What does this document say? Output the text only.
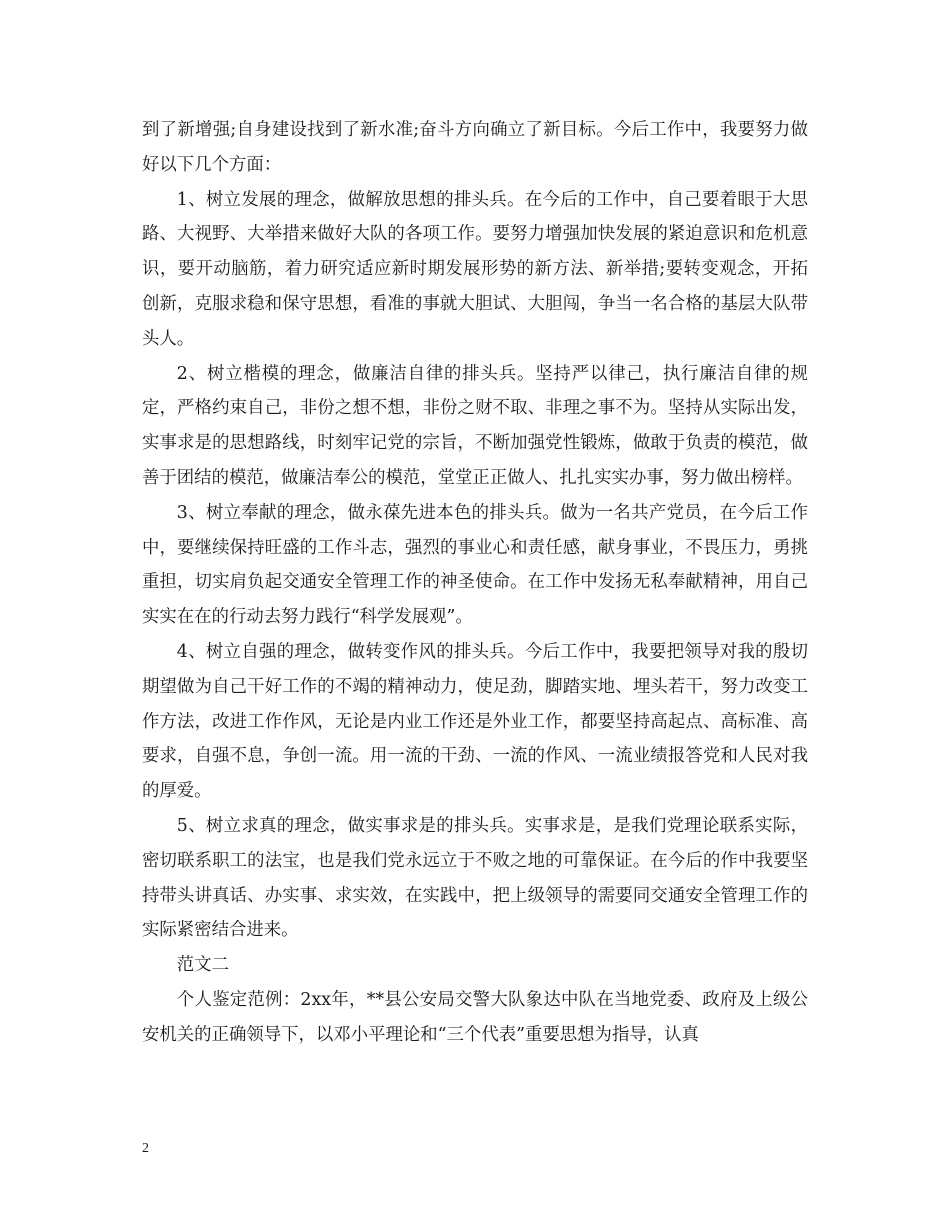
到了新增强;自身建设找到了新水准;奋斗方向确立了新目标。今后工作中，我要努力做好以下几个方面：

1、树立发展的理念，做解放思想的排头兵。在今后的工作中，自己要着眼于大思路、大视野、大举措来做好大队的各项工作。要努力增强加快发展的紧迫意识和危机意识，要开动脑筋，着力研究适应新时期发展形势的新方法、新举措;要转变观念，开拓创新，克服求稳和保守思想，看准的事就大胆试、大胆闯，争当一名合格的基层大队带头人。

2、树立楷模的理念，做廉洁自律的排头兵。坚持严以律己，执行廉洁自律的规定，严格约束自己，非份之想不想，非份之财不取、非理之事不为。坚持从实际出发，实事求是的思想路线，时刻牢记党的宗旨，不断加强党性锻炼，做敢于负责的模范，做善于团结的模范，做廉洁奉公的模范，堂堂正正做人、扎扎实实办事，努力做出榜样。

3、树立奉献的理念，做永葆先进本色的排头兵。做为一名共产党员，在今后工作中，要继续保持旺盛的工作斗志，强烈的事业心和责任感，献身事业，不畏压力，勇挑重担，切实肩负起交通安全管理工作的神圣使命。在工作中发扬无私奉献精神，用自己实实在在的行动去努力践行“科学发展观”。

4、树立自强的理念，做转变作风的排头兵。今后工作中，我要把领导对我的殷切期望做为自己干好工作的不竭的精神动力，使足劲，脚踏实地、埋头若干，努力改变工作方法，改进工作作风，无论是内业工作还是外业工作，都要坚持高起点、高标准、高要求，自强不息，争创一流。用一流的干劲、一流的作风、一流业绩报答党和人民对我的厚爱。

5、树立求真的理念，做实事求是的排头兵。实事求是，是我们党理论联系实际，密切联系职工的法宝，也是我们党永远立于不败之地的可靠保证。在今后的作中我要坚持带头讲真话、办实事、求实效，在实践中，把上级领导的需要同交通安全管理工作的实际紧密结合进来。

范文二

个人鉴定范例：2xx年，**县公安局交警大队象达中队在当地党委、政府及上级公安机关的正确领导下，以邓小平理论和“三个代表”重要思想为指导，认真

2
